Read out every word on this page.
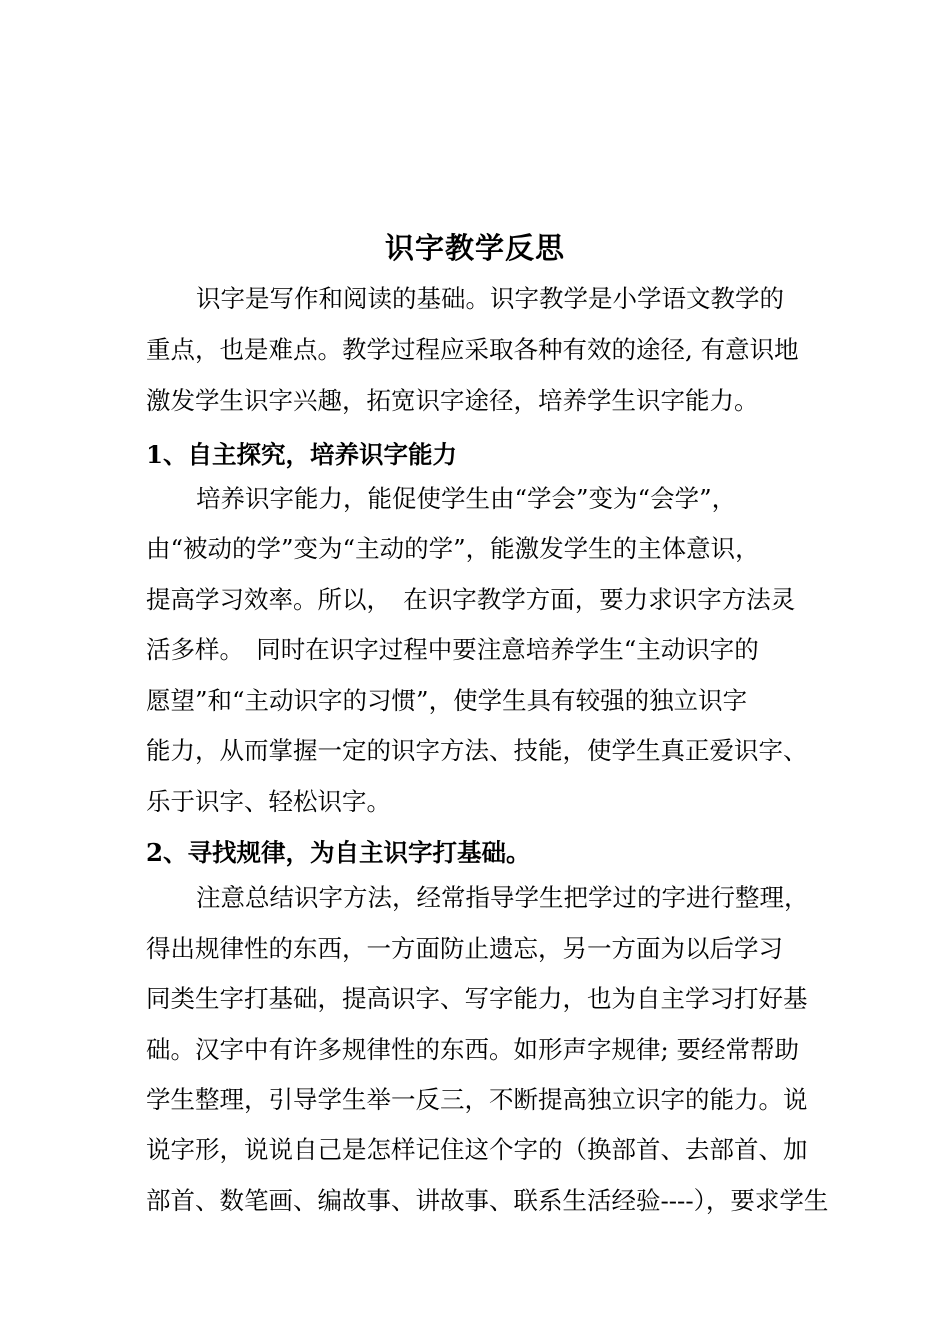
识字教学反思
识字是写作和阅读的基础。识字教学是小学语文教学的
重点，也是难点。教学过程应采取各种有效的途径, 有意识地
激发学生识字兴趣，拓宽识字途径，培养学生识字能力。
1、自主探究，培养识字能力
培养识字能力，能促使学生由“学会”变为“会学”，
由“被动的学”变为“主动的学”，能激发学生的主体意识，
提高学习效率。所以，　在识字教学方面，要力求识字方法灵
活多样。　同时在识字过程中要注意培养学生“主动识字的
愿望”和“主动识字的习惯”，使学生具有较强的独立识字
能力，从而掌握一定的识字方法、技能，使学生真正爱识字、
乐于识字、轻松识字。
2、寻找规律，为自主识字打基础。
注意总结识字方法，经常指导学生把学过的字进行整理，
得出规律性的东西，一方面防止遗忘，另一方面为以后学习
同类生字打基础，提高识字、写字能力，也为自主学习打好基
础。汉字中有许多规律性的东西。如形声字规律; 要经常帮助
学生整理，引导学生举一反三，不断提高独立识字的能力。说
说字形，说说自己是怎样记住这个字的（换部首、去部首、加
部首、数笔画、编故事、讲故事、联系生活经验----），要求学生
